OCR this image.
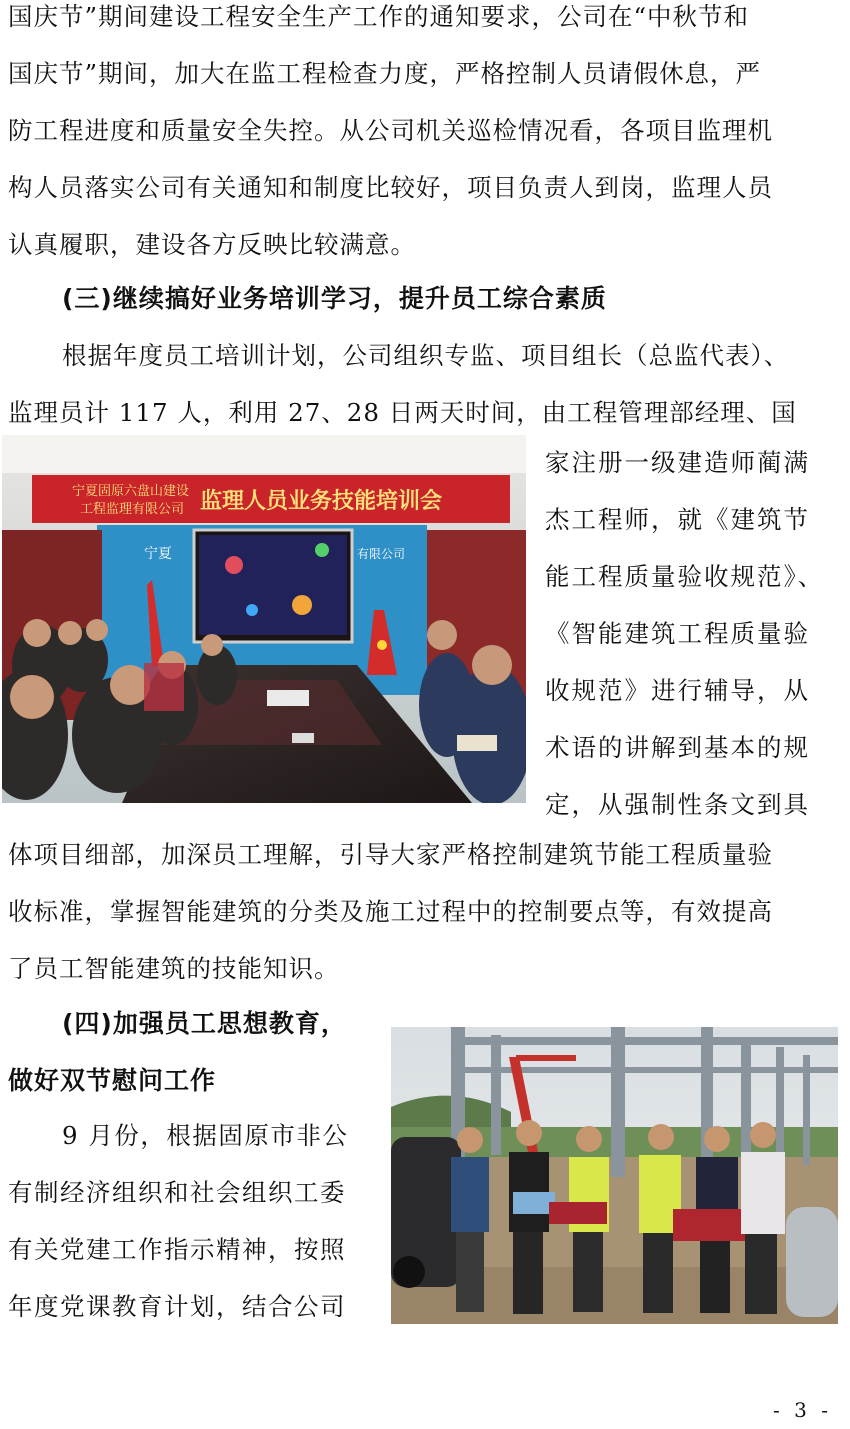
国庆节”期间建设工程安全生产工作的通知要求，公司在“中秋节和
国庆节”期间，加大在监工程检查力度，严格控制人员请假休息，严
防工程进度和质量安全失控。从公司机关巡检情况看，各项目监理机
构人员落实公司有关通知和制度比较好，项目负责人到岗，监理人员
认真履职，建设各方反映比较满意。
(三)继续搞好业务培训学习，提升员工综合素质
根据年度员工培训计划，公司组织专监、项目组长（总监代表）、
监理员计 117 人，利用 27、28 日两天时间，由工程管理部经理、国
宁夏固原六盘山建设
工程监理有限公司 监理人员业务技能培训会
宁夏	有限公司
家注册一级建造师蔺满
杰工程师，就《建筑节
能工程质量验收规范》、
《智能建筑工程质量验
收规范》进行辅导，从
术语的讲解到基本的规
定，从强制性条文到具
体项目细部，加深员工理解，引导大家严格控制建筑节能工程质量验
收标准，掌握智能建筑的分类及施工过程中的控制要点等，有效提高
了员工智能建筑的技能知识。
(四)加强员工思想教育，
做好双节慰问工作
9 月份，根据固原市非公
有制经济组织和社会组织工委
有关党建工作指示精神，按照
年度党课教育计划，结合公司
- 3 -
